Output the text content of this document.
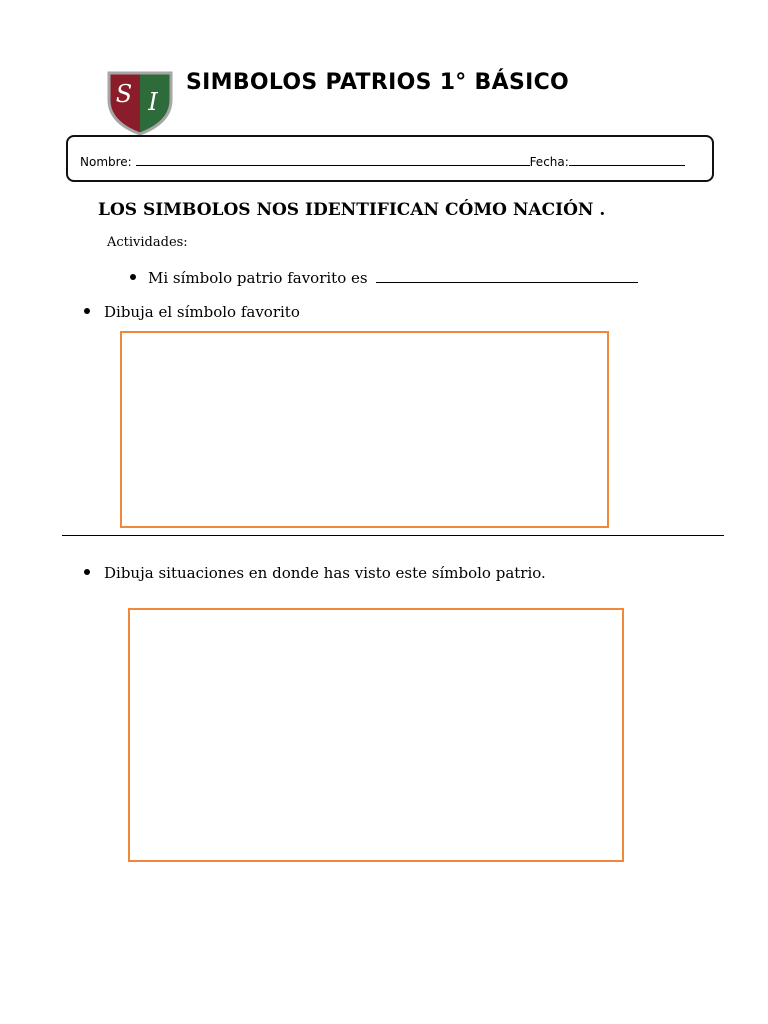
S I
SIMBOLOS PATRIOS 1° BÁSICO
Nombre:	Fecha:
LOS SIMBOLOS NOS IDENTIFICAN CÓMO NACIÓN .
Actividades:
Mi símbolo patrio favorito es
Dibuja el símbolo favorito
Dibuja situaciones en donde has visto este símbolo patrio.
